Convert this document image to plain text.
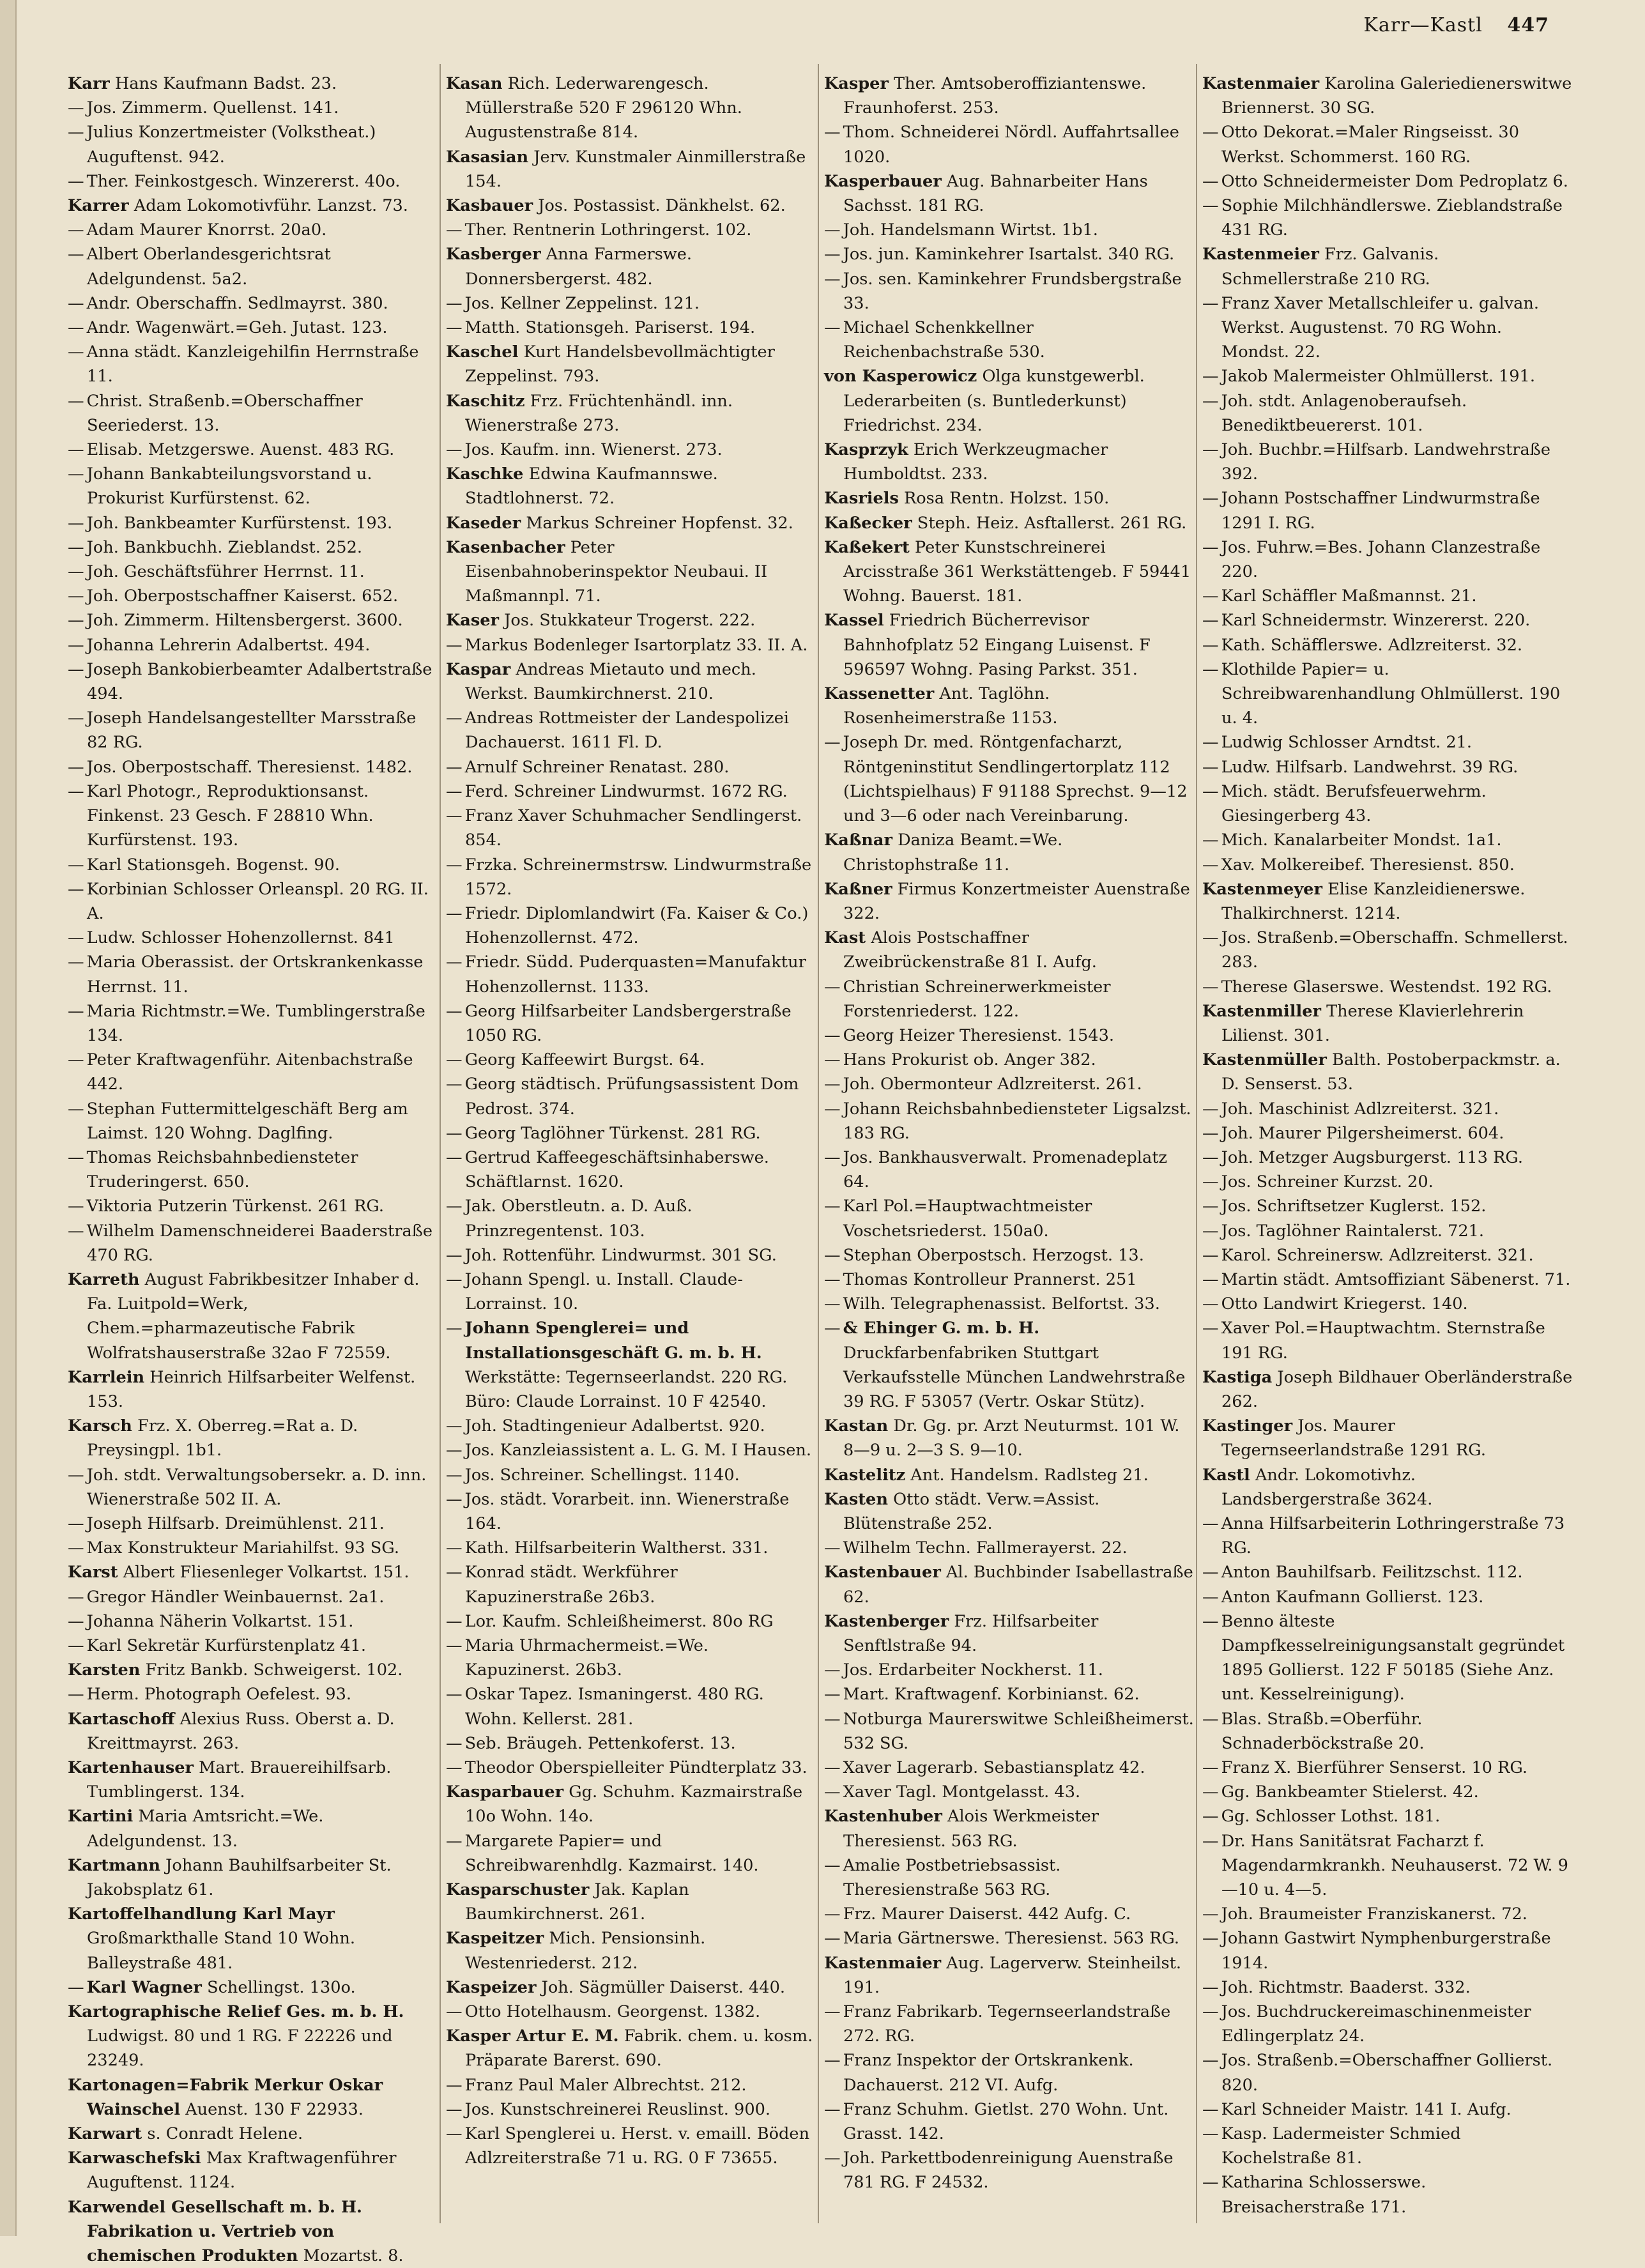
Karr—Kastl 447

Karr Hans Kaufmann Badst. 23.

— Jos. Zimmerm. Quellenst. 141.

— Julius Konzertmeister (Volkstheat.) Auguftenst. 942.

— Ther. Feinkostgesch. Winzererst. 40o.

Karrer Adam Lokomotivführ. Lanzst. 73.

— Adam Maurer Knorrst. 20a0.

— Albert Oberlandesgerichtsrat Adelgundenst. 5a2.

— Andr. Oberschaffn. Sedlmayrst. 380.

— Andr. Wagenwärt.=Geh. Jutast. 123.

— Anna städt. Kanzleigehilfin Herrnstraße 11.

— Christ. Straßenb.=Oberschaffner Seeriederst. 13.

— Elisab. Metzgerswe. Auenst. 483 RG.

— Johann Bankabteilungsvorstand u. Prokurist Kurfürstenst. 62.

— Joh. Bankbeamter Kurfürstenst. 193.

— Joh. Bankbuchh. Zieblandst. 252.

— Joh. Geschäftsführer Herrnst. 11.

— Joh. Oberpostschaffner Kaiserst. 652.

— Joh. Zimmerm. Hiltensbergerst. 3600.

— Johanna Lehrerin Adalbertst. 494.

— Joseph Bankobierbeamter Adalbertstraße 494.

— Joseph Handelsangestellter Marsstraße 82 RG.

— Jos. Oberpostschaff. Theresienst. 1482.

— Karl Photogr., Reproduktionsanst. Finkenst. 23 Gesch. F 28810 Whn. Kurfürstenst. 193.

— Karl Stationsgeh. Bogenst. 90.

— Korbinian Schlosser Orleanspl. 20 RG. II. A.

— Ludw. Schlosser Hohenzollernst. 841

— Maria Oberassist. der Ortskrankenkasse Herrnst. 11.

— Maria Richtmstr.=We. Tumblingerstraße 134.

— Peter Kraftwagenführ. Aitenbachstraße 442.

— Stephan Futtermittelgeschäft Berg am Laimst. 120 Wohng. Daglfing.

— Thomas Reichsbahnbediensteter Truderingerst. 650.

— Viktoria Putzerin Türkenst. 261 RG.

— Wilhelm Damenschneiderei Baaderstraße 470 RG.

Karreth August Fabrikbesitzer Inhaber d. Fa. Luitpold=Werk, Chem.=pharmazeutische Fabrik Wolfratshauserstraße 32ao F 72559.

Karrlein Heinrich Hilfsarbeiter Welfenst. 153.

Karsch Frz. X. Oberreg.=Rat a. D. Preysingpl. 1b1.

— Joh. stdt. Verwaltungsobersekr. a. D. inn. Wienerstraße 502 II. A.

— Joseph Hilfsarb. Dreimühlenst. 211.

— Max Konstrukteur Mariahilfst. 93 SG.

Karst Albert Fliesenleger Volkartst. 151.

— Gregor Händler Weinbauernst. 2a1.

— Johanna Näherin Volkartst. 151.

— Karl Sekretär Kurfürstenplatz 41.

Karsten Fritz Bankb. Schweigerst. 102.

— Herm. Photograph Oefelest. 93.

Kartaschoff Alexius Russ. Oberst a. D. Kreittmayrst. 263.

Kartenhauser Mart. Brauereihilfsarb. Tumblingerst. 134.

Kartini Maria Amtsricht.=We. Adelgundenst. 13.

Kartmann Johann Bauhilfsarbeiter St. Jakobsplatz 61.

Kartoffelhandlung Karl Mayr Großmarkthalle Stand 10 Wohn. Balleystraße 481.

— Karl Wagner Schellingst. 130o.

Kartographische Relief Ges. m. b. H. Ludwigst. 80 und 1 RG. F 22226 und 23249.

Kartonagen=Fabrik Merkur Oskar Wainschel Auenst. 130 F 22933.

Karwart s. Conradt Helene.

Karwaschefski Max Kraftwagenführer Auguftenst. 1124.

Karwendel Gesellschaft m. b. H. Fabrikation u. Vertrieb von chemischen Produkten Mozartst. 8.

Kasan Rich. Lederwarengesch. Müllerstraße 520 F 296120 Whn. Augustenstraße 814.

Kasasian Jerv. Kunstmaler Ainmillerstraße 154.

Kasbauer Jos. Postassist. Dänkhelst. 62.

— Ther. Rentnerin Lothringerst. 102.

Kasberger Anna Farmerswe. Donnersbergerst. 482.

— Jos. Kellner Zeppelinst. 121.

— Matth. Stationsgeh. Pariserst. 194.

Kaschel Kurt Handelsbevollmächtigter Zeppelinst. 793.

Kaschitz Frz. Früchtenhändl. inn. Wienerstraße 273.

— Jos. Kaufm. inn. Wienerst. 273.

Kaschke Edwina Kaufmannswe. Stadtlohnerst. 72.

Kaseder Markus Schreiner Hopfenst. 32.

Kasenbacher Peter Eisenbahnoberinspektor Neubaui. II Maßmannpl. 71.

Kaser Jos. Stukkateur Trogerst. 222.

— Markus Bodenleger Isartorplatz 33. II. A.

Kaspar Andreas Mietauto und mech. Werkst. Baumkirchnerst. 210.

— Andreas Rottmeister der Landespolizei Dachauerst. 1611 Fl. D.

— Arnulf Schreiner Renatast. 280.

— Ferd. Schreiner Lindwurmst. 1672 RG.

— Franz Xaver Schuhmacher Sendlingerst. 854.

— Frzka. Schreinermstrsw. Lindwurmstraße 1572.

— Friedr. Diplomlandwirt (Fa. Kaiser & Co.) Hohenzollernst. 472.

— Friedr. Südd. Puderquasten=Manufaktur Hohenzollernst. 1133.

— Georg Hilfsarbeiter Landsbergerstraße 1050 RG.

— Georg Kaffeewirt Burgst. 64.

— Georg städtisch. Prüfungsassistent Dom Pedrost. 374.

— Georg Taglöhner Türkenst. 281 RG.

— Gertrud Kaffeegeschäftsinhaberswe. Schäftlarnst. 1620.

— Jak. Oberstleutn. a. D. Auß. Prinzregentenst. 103.

— Joh. Rottenführ. Lindwurmst. 301 SG.

— Johann Spengl. u. Install. Claude-Lorrainst. 10.

— Johann Spenglerei= und Installationsgeschäft G. m. b. H. Werkstätte: Tegernseerlandst. 220 RG. Büro: Claude Lorrainst. 10 F 42540.

— Joh. Stadtingenieur Adalbertst. 920.

— Jos. Kanzleiassistent a. L. G. M. I Hausen.

— Jos. Schreiner. Schellingst. 1140.

— Jos. städt. Vorarbeit. inn. Wienerstraße 164.

— Kath. Hilfsarbeiterin Waltherst. 331.

— Konrad städt. Werkführer Kapuzinerstraße 26b3.

— Lor. Kaufm. Schleißheimerst. 80o RG

— Maria Uhrmachermeist.=We. Kapuzinerst. 26b3.

— Oskar Tapez. Ismaningerst. 480 RG. Wohn. Kellerst. 281.

— Seb. Bräugeh. Pettenkoferst. 13.

— Theodor Oberspielleiter Pündterplatz 33.

Kasparbauer Gg. Schuhm. Kazmairstraße 10o Wohn. 14o.

— Margarete Papier= und Schreibwarenhdlg. Kazmairst. 140.

Kasparschuster Jak. Kaplan Baumkirchnerst. 261.

Kaspeitzer Mich. Pensionsinh. Westenriederst. 212.

Kaspeizer Joh. Sägmüller Daiserst. 440.

— Otto Hotelhausm. Georgenst. 1382.

Kasper Artur E. M. Fabrik. chem. u. kosm. Präparate Barerst. 690.

— Franz Paul Maler Albrechtst. 212.

— Jos. Kunstschreinerei Reuslinst. 900.

— Karl Spenglerei u. Herst. v. emaill. Böden Adlzreiterstraße 71 u. RG. 0 F 73655.

Kasper Ther. Amtsoberoffiziantenswe. Fraunhoferst. 253.

— Thom. Schneiderei Nördl. Auffahrtsallee 1020.

Kasperbauer Aug. Bahnarbeiter Hans Sachsst. 181 RG.

— Joh. Handelsmann Wirtst. 1b1.

— Jos. jun. Kaminkehrer Isartalst. 340 RG.

— Jos. sen. Kaminkehrer Frundsbergstraße 33.

— Michael Schenkkellner Reichenbachstraße 530.

von Kasperowicz Olga kunstgewerbl. Lederarbeiten (s. Buntlederkunst) Friedrichst. 234.

Kasprzyk Erich Werkzeugmacher Humboldtst. 233.

Kasriels Rosa Rentn. Holzst. 150.

Kaßecker Steph. Heiz. Asftallerst. 261 RG.

Kaßekert Peter Kunstschreinerei Arcisstraße 361 Werkstättengeb. F 59441 Wohng. Bauerst. 181.

Kassel Friedrich Bücherrevisor Bahnhofplatz 52 Eingang Luisenst. F 596597 Wohng. Pasing Parkst. 351.

Kassenetter Ant. Taglöhn. Rosenheimerstraße 1153.

— Joseph Dr. med. Röntgenfacharzt, Röntgeninstitut Sendlingertorplatz 112 (Lichtspielhaus) F 91188 Sprechst. 9—12 und 3—6 oder nach Vereinbarung.

Kaßnar Daniza Beamt.=We. Christophstraße 11.

Kaßner Firmus Konzertmeister Auenstraße 322.

Kast Alois Postschaffner Zweibrückenstraße 81 I. Aufg.

— Christian Schreinerwerkmeister Forstenriederst. 122.

— Georg Heizer Theresienst. 1543.

— Hans Prokurist ob. Anger 382.

— Joh. Obermonteur Adlzreiterst. 261.

— Johann Reichsbahnbediensteter Ligsalzst. 183 RG.

— Jos. Bankhausverwalt. Promenadeplatz 64.

— Karl Pol.=Hauptwachtmeister Voschetsriederst. 150a0.

— Stephan Oberpostsch. Herzogst. 13.

— Thomas Kontrolleur Prannerst. 251

— Wilh. Telegraphenassist. Belfortst. 33.

— & Ehinger G. m. b. H. Druckfarbenfabriken Stuttgart Verkaufsstelle München Landwehrstraße 39 RG. F 53057 (Vertr. Oskar Stütz).

Kastan Dr. Gg. pr. Arzt Neuturmst. 101 W. 8—9 u. 2—3 S. 9—10.

Kastelitz Ant. Handelsm. Radlsteg 21.

Kasten Otto städt. Verw.=Assist. Blütenstraße 252.

— Wilhelm Techn. Fallmerayerst. 22.

Kastenbauer Al. Buchbinder Isabellastraße 62.

Kastenberger Frz. Hilfsarbeiter Senftlstraße 94.

— Jos. Erdarbeiter Nockherst. 11.

— Mart. Kraftwagenf. Korbinianst. 62.

— Notburga Maurerswitwe Schleißheimerst. 532 SG.

— Xaver Lagerarb. Sebastiansplatz 42.

— Xaver Tagl. Montgelasst. 43.

Kastenhuber Alois Werkmeister Theresienst. 563 RG.

— Amalie Postbetriebsassist. Theresienstraße 563 RG.

— Frz. Maurer Daiserst. 442 Aufg. C.

— Maria Gärtnerswe. Theresienst. 563 RG.

Kastenmaier Aug. Lagerverw. Steinheilst. 191.

— Franz Fabrikarb. Tegernseerlandstraße 272. RG.

— Franz Inspektor der Ortskrankenk. Dachauerst. 212 VI. Aufg.

— Franz Schuhm. Gietlst. 270 Wohn. Unt. Grasst. 142.

— Joh. Parkettbodenreinigung Auenstraße 781 RG. F 24532.

Kastenmaier Karolina Galeriedienerswitwe Briennerst. 30 SG.

— Otto Dekorat.=Maler Ringseisst. 30 Werkst. Schommerst. 160 RG.

— Otto Schneidermeister Dom Pedroplatz 6.

— Sophie Milchhändlerswe. Zieblandstraße 431 RG.

Kastenmeier Frz. Galvanis. Schmellerstraße 210 RG.

— Franz Xaver Metallschleifer u. galvan. Werkst. Augustenst. 70 RG Wohn. Mondst. 22.

— Jakob Malermeister Ohlmüllerst. 191.

— Joh. stdt. Anlagenoberaufseh. Benediktbeuererst. 101.

— Joh. Buchbr.=Hilfsarb. Landwehrstraße 392.

— Johann Postschaffner Lindwurmstraße 1291 I. RG.

— Jos. Fuhrw.=Bes. Johann Clanzestraße 220.

— Karl Schäffler Maßmannst. 21.

— Karl Schneidermstr. Winzererst. 220.

— Kath. Schäfflerswe. Adlzreiterst. 32.

— Klothilde Papier= u. Schreibwarenhandlung Ohlmüllerst. 190 u. 4.

— Ludwig Schlosser Arndtst. 21.

— Ludw. Hilfsarb. Landwehrst. 39 RG.

— Mich. städt. Berufsfeuerwehrm. Giesingerberg 43.

— Mich. Kanalarbeiter Mondst. 1a1.

— Xav. Molkereibef. Theresienst. 850.

Kastenmeyer Elise Kanzleidienerswe. Thalkirchnerst. 1214.

— Jos. Straßenb.=Oberschaffn. Schmellerst. 283.

— Therese Glaserswe. Westendst. 192 RG.

Kastenmiller Therese Klavierlehrerin Lilienst. 301.

Kastenmüller Balth. Postoberpackmstr. a. D. Senserst. 53.

— Joh. Maschinist Adlzreiterst. 321.

— Joh. Maurer Pilgersheimerst. 604.

— Joh. Metzger Augsburgerst. 113 RG.

— Jos. Schreiner Kurzst. 20.

— Jos. Schriftsetzer Kuglerst. 152.

— Jos. Taglöhner Raintalerst. 721.

— Karol. Schreinersw. Adlzreiterst. 321.

— Martin städt. Amtsoffiziant Säbenerst. 71.

— Otto Landwirt Kriegerst. 140.

— Xaver Pol.=Hauptwachtm. Sternstraße 191 RG.

Kastiga Joseph Bildhauer Oberländerstraße 262.

Kastinger Jos. Maurer Tegernseerlandstraße 1291 RG.

Kastl Andr. Lokomotivhz. Landsbergerstraße 3624.

— Anna Hilfsarbeiterin Lothringerstraße 73 RG.

— Anton Bauhilfsarb. Feilitzschst. 112.

— Anton Kaufmann Gollierst. 123.

— Benno älteste Dampfkesselreinigungsanstalt gegründet 1895 Gollierst. 122 F 50185 (Siehe Anz. unt. Kesselreinigung).

— Blas. Straßb.=Oberführ. Schnaderböckstraße 20.

— Franz X. Bierführer Senserst. 10 RG.

— Gg. Bankbeamter Stielerst. 42.

— Gg. Schlosser Lothst. 181.

— Dr. Hans Sanitätsrat Facharzt f. Magendarmkrankh. Neuhauserst. 72 W. 9—10 u. 4—5.

— Joh. Braumeister Franziskanerst. 72.

— Johann Gastwirt Nymphenburgerstraße 1914.

— Joh. Richtmstr. Baaderst. 332.

— Jos. Buchdruckereimaschinenmeister Edlingerplatz 24.

— Jos. Straßenb.=Oberschaffner Gollierst. 820.

— Karl Schneider Maistr. 141 I. Aufg.

— Kasp. Ladermeister Schmied Kochelstraße 81.

— Katharina Schlosserswe. Breisacherstraße 171.
